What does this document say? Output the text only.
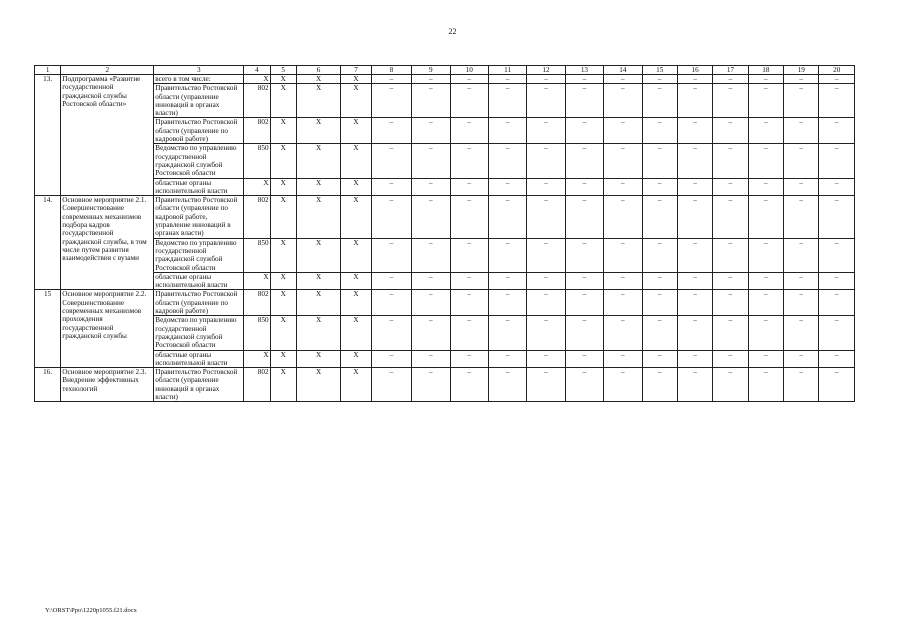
22
1	2	3	4	5	6	7	8	9	10	11	12	13	14	15	16	17	18	19	20
13.	Подпрограмма «Развитие государственной гражданской службы Ростовской области»	всего в том числе:	Х	Х	Х	Х	–	–	–	–	–	–	–	–	–	–	–	–	–
		Правительство Ростовской области (управление инноваций в органах власти)	802	Х	Х	Х	–	–	–	–	–	–	–	–	–	–	–	–	–
		Правительство Ростовской области (управление по кадровой работе)	802	Х	Х	Х	–	–	–	–	–	–	–	–	–	–	–	–	–
		Ведомство по управлению государственной гражданской службой Ростовской области	850	Х	Х	Х	–	–	–	–	–	–	–	–	–	–	–	–	–
		областные органы исполнительной власти	Х	Х	Х	Х	–	–	–	–	–	–	–	–	–	–	–	–	–
14.	Основное мероприятие 2.1. Совершенствование современных механизмов подбора кадров государственной гражданской службы, в том числе путем развития взаимодействия с вузами	Правительство Ростовской области (управление по кадровой работе, управление инноваций в органах власти)	802	Х	Х	Х	–	–	–	–	–	–	–	–	–	–	–	–	–
		Ведомство по управлению государственной гражданской службой Ростовской области	850	Х	Х	Х	–	–	–	–	–	–	–	–	–	–	–	–	–
		областные органы исполнительной власти	Х	Х	Х	Х	–	–	–	–	–	–	–	–	–	–	–	–	–
15	Основное мероприятие 2.2. Совершенствование современных механизмов прохождения государственной гражданской службы	Правительство Ростовской области (управление по кадровой работе)	802	Х	Х	Х	–	–	–	–	–	–	–	–	–	–	–	–	–
		Ведомство по управлению государственной гражданской службой Ростовской области	850	Х	Х	Х	–	–	–	–	–	–	–	–	–	–	–	–	–
		областные органы исполнительной власти	Х	Х	Х	Х	–	–	–	–	–	–	–	–	–	–	–	–	–
16.	Основное мероприятие 2.3. Внедрение эффективных технологий	Правительство Ростовской области (управление инноваций в органах власти)	802	Х	Х	Х	–	–	–	–	–	–	–	–	–	–	–	–	–
Y:\ORST\Ppo\1220p1055.f21.docx
